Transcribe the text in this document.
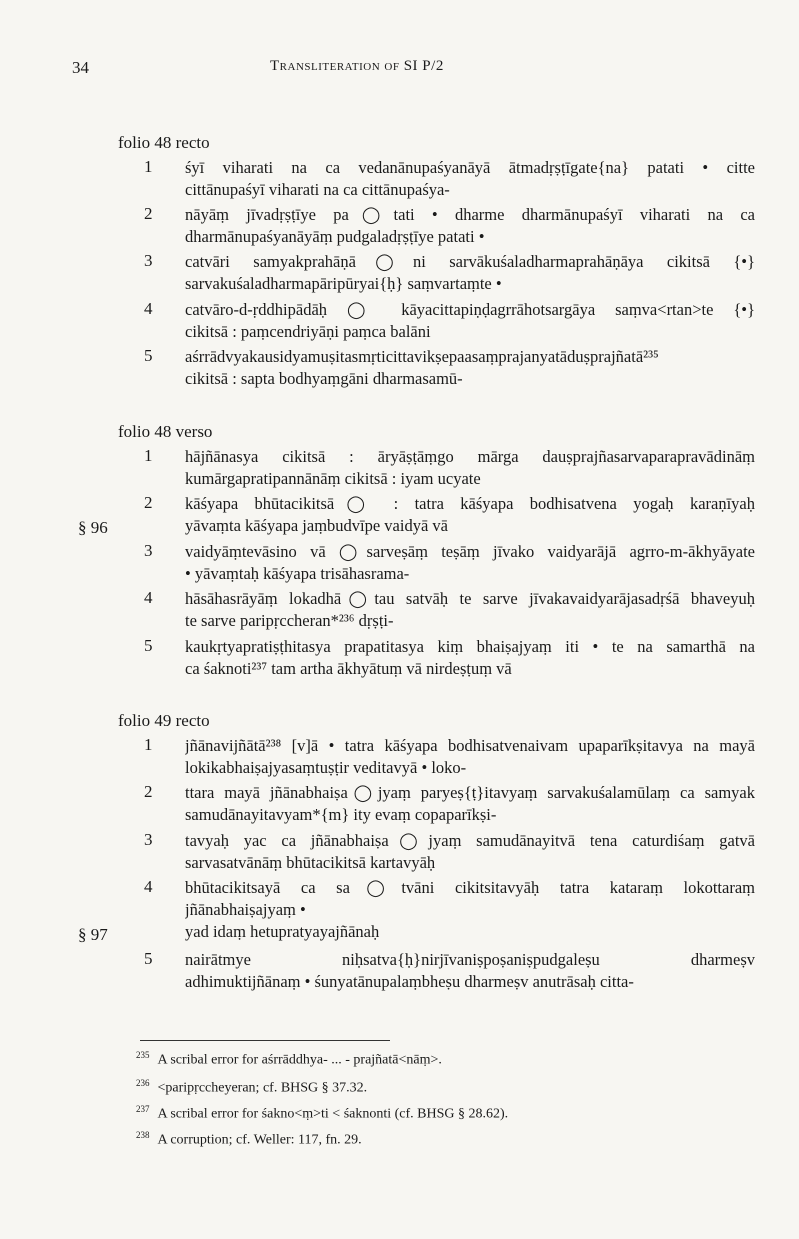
34	Transliteration of SI P/2
folio 48 recto
1 śyī viharati na ca vedanānupaśyanāyā ātmadṛṣṭīgate{na} patati • citte
cittānupaśyī viharati na ca cittānupaśya-
2 nāyāṃ jīvadṛṣṭīye pa◯tati • dharme dharmānupaśyī viharati na ca
dharmānupaśyanāyāṃ pudgaladṛṣṭīye patati •
3 catvāri samyakprahāṇā◯ni sarvākuśaladharmaprahāṇāya cikitsā {•}
sarvakuśaladharmapāripūryai{ḥ} saṃvartaṃte •
4 catvāro-d-ṛddhipādāḥ ◯ kāyacittapiṇḍagrrāhotsargāya saṃva<rtan>te {•}
cikitsā : paṃcendriyāṇi paṃca balāni
5 aśrrādvyakausidyamuṣitasmṛticittavikṣepaasaṃprajanyatāduṣprajñatā²³⁵
cikitsā : sapta bodhyaṃgāni dharmasamū-
folio 48 verso
1 hājñānasya cikitsā : āryāṣṭāṃgo mārga dauṣprajñasarvaparapravādināṃ
kumārgapratipannānāṃ cikitsā : iyam ucyate
2 kāśyapa bhūtacikitsā◯ : tatra kāśyapa bodhisatvena yogaḥ karaṇīyaḥ
yāvaṃta kāśyapa jaṃbudvīpe vaidyā vā
§ 96
3 vaidyāṃtevāsino vā ◯sarveṣāṃ teṣāṃ jīvako vaidyarājā agrro-m-ākhyāyate
• yāvaṃtaḥ kāśyapa trisāhasrama-
4 hāsāhasrāyāṃ lokadhā◯tau satvāḥ te sarve jīvakavaidyarājasadṛśā bhaveyuḥ
te sarve paripṛccheran*²³⁶ dṛṣṭi-
5 kaukṛtyapratiṣṭhitasya prapatitasya kiṃ bhaiṣajyaṃ iti • te na samarthā na
ca śaknoti²³⁷ tam artha ākhyātuṃ vā nirdeṣṭuṃ vā
folio 49 recto
1 jñānavijñātā²³⁸ [v]ā • tatra kāśyapa bodhisatvenaivam upaparīkṣitavya na mayā
lokikabhaiṣajyasaṃtuṣṭir veditavyā • loko-
2 ttara mayā jñānabhaiṣa◯jyaṃ paryeṣ{ṭ}itavyaṃ sarvakuśalamūlaṃ ca samyak
samudānayitavyam*{m} ity evaṃ copaparīkṣi-
3 tavyaḥ yac ca jñānabhaiṣa◯jyaṃ samudānayitvā tena caturdiśaṃ gatvā
sarvasatvānāṃ bhūtacikitsā kartavyāḥ
4 bhūtacikitsayā ca sa◯tvāni cikitsitavyāḥ tatra kataraṃ lokottaraṃ
jñānabhaiṣajyaṃ •
yad idaṃ hetupratyayajñānaḥ
§ 97
5 nairātmye niḥsatva{ḥ}nirjīvaniṣpoṣaniṣpudgaleṣu dharmeṣv
adhimuktijñānaṃ • śunyatānupalaṃbheṣu dharmeṣv anutrāsaḥ citta-
$^{235}$ A scribal error for aśrrāddhya- ... - prajñatā<nāṃ>.
$^{236}$ <paripṛccheyeran; cf. BHSG § 37.32.
$^{237}$ A scribal error for śakno<ṃ>ti < śaknonti (cf. BHSG § 28.62).
$^{238}$ A corruption; cf. Weller: 117, fn. 29.
